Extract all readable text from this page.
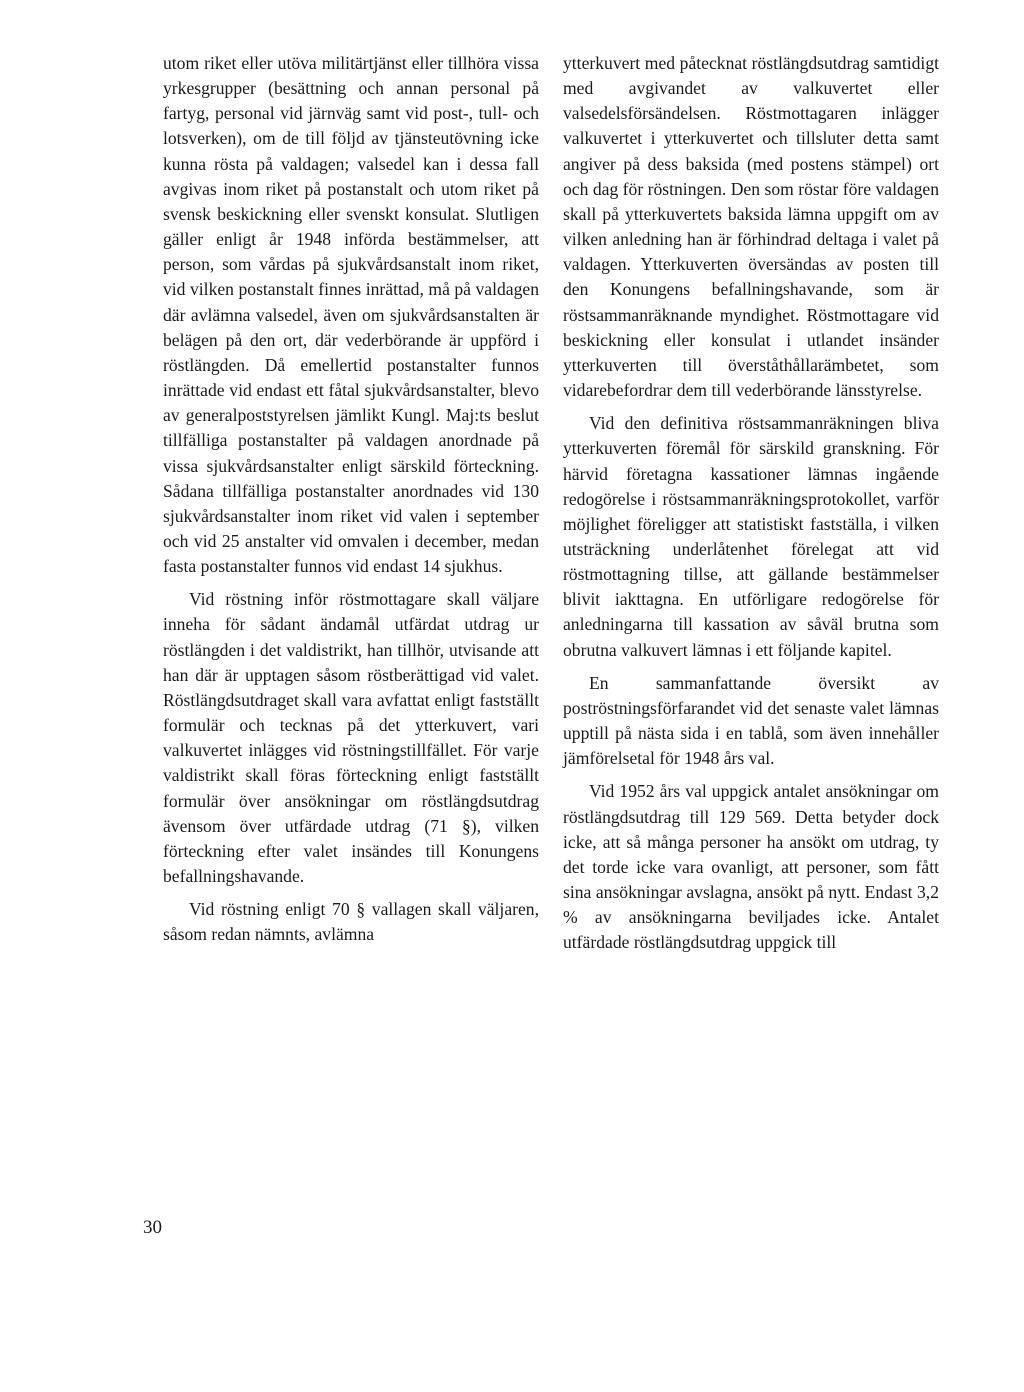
utom riket eller utöva militärtjänst eller tillhöra vissa yrkesgrupper (besättning och annan personal på fartyg, personal vid järnväg samt vid post-, tull- och lotsverken), om de till följd av tjänsteutövning icke kunna rösta på valdagen; valsedel kan i dessa fall avgivas inom riket på postanstalt och utom riket på svensk beskickning eller svenskt konsulat. Slutligen gäller enligt år 1948 införda bestämmelser, att person, som vårdas på sjukvårdsanstalt inom riket, vid vilken postanstalt finnes inrättad, må på valdagen där avlämna valsedel, även om sjukvårdsanstalten är belägen på den ort, där vederbörande är uppförd i röstlängden. Då emellertid postanstalter funnos inrättade vid endast ett fåtal sjukvårdsanstalter, blevo av generalpoststyrelsen jämlikt Kungl. Maj:ts beslut tillfälliga postanstalter på valdagen anordnade på vissa sjukvårdsanstalter enligt särskild förteckning. Sådana tillfälliga postanstalter anordnades vid 130 sjukvårdsanstalter inom riket vid valen i september och vid 25 anstalter vid omvalen i december, medan fasta postanstalter funnos vid endast 14 sjukhus.

Vid röstning inför röstmottagare skall väljare inneha för sådant ändamål utfärdat utdrag ur röstlängden i det valdistrikt, han tillhör, utvisande att han där är upptagen såsom röstberättigad vid valet. Röstlängdsutdraget skall vara avfattat enligt fastställt formulär och tecknas på det ytterkuvert, vari valkuvertet inlägges vid röstningstillfället. För varje valdistrikt skall föras förteckning enligt fastställt formulär över ansökningar om röstlängdsutdrag ävensom över utfärdade utdrag (71 §), vilken förteckning efter valet insändes till Konungens befallningshavande.

Vid röstning enligt 70 § vallagen skall väljaren, såsom redan nämnts, avlämna

ytterkuvert med påtecknat röstlängdsutdrag samtidigt med avgivandet av valkuvertet eller valsedelsförsändelsen. Röstmottagaren inlägger valkuvertet i ytterkuvertet och tillsluter detta samt angiver på dess baksida (med postens stämpel) ort och dag för röstningen. Den som röstar före valdagen skall på ytterkuvertets baksida lämna uppgift om av vilken anledning han är förhindrad deltaga i valet på valdagen. Ytterkuverten översändas av posten till den Konungens befallningshavande, som är röstsammanräknande myndighet. Röstmottagare vid beskickning eller konsulat i utlandet insänder ytterkuverten till överståthållarämbetet, som vidarebefordrar dem till vederbörande länsstyrelse.

Vid den definitiva röstsammanräkningen bliva ytterkuverten föremål för särskild granskning. För härvid företagna kassationer lämnas ingående redogörelse i röstsammanräkningsprotokollet, varför möjlighet föreligger att statistiskt fastställa, i vilken utsträckning underlåtenhet förelegat att vid röstmottagning tillse, att gällande bestämmelser blivit iakttagna. En utförligare redogörelse för anledningarna till kassation av såväl brutna som obrutna valkuvert lämnas i ett följande kapitel.

En sammanfattande översikt av poströstningsförfarandet vid det senaste valet lämnas upptill på nästa sida i en tablå, som även innehåller jämförelsetal för 1948 års val.

Vid 1952 års val uppgick antalet ansökningar om röstlängdsutdrag till 129 569. Detta betyder dock icke, att så många personer ha ansökt om utdrag, ty det torde icke vara ovanligt, att personer, som fått sina ansökningar avslagna, ansökt på nytt. Endast 3,2 % av ansökningarna beviljades icke. Antalet utfärdade röstlängdsutdrag uppgick till

30
